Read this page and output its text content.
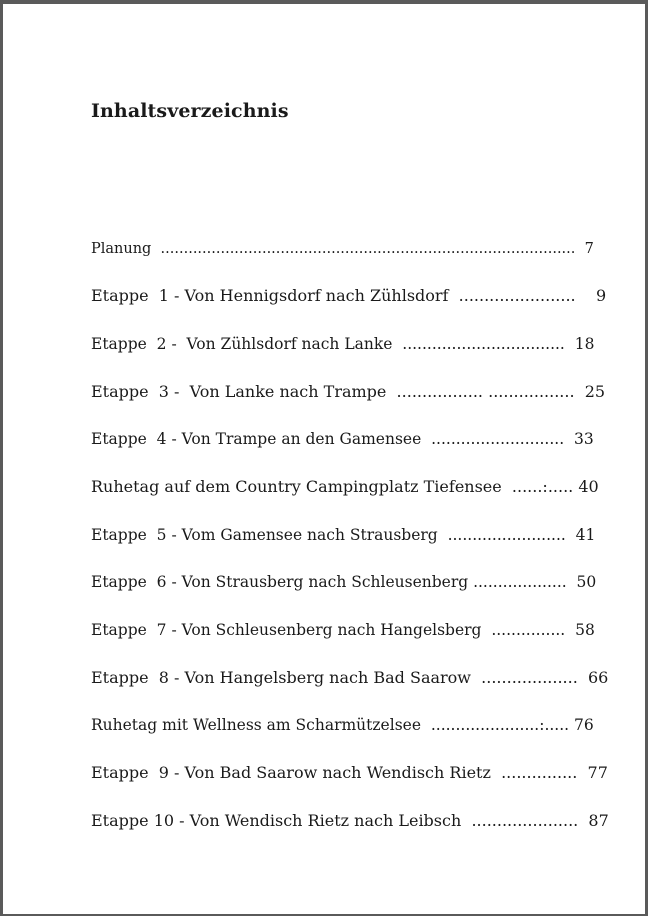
Inhaltsverzeichnis
Planung  ..........................................................................................  7
Etappe  1 - Von Hennigsdorf nach Zühlsdorf  .......................    9
Etappe  2 -  Von Zühlsdorf nach Lanke  .................................  18
Etappe  3 -  Von Lanke nach Trampe  ................. .................  25
Etappe  4 - Von Trampe an den Gamensee  ...........................  33
Ruhetag auf dem Country Campingplatz Tiefensee  ......:..... 40
Etappe  5 - Vom Gamensee nach Strausberg  ........................  41
Etappe  6 - Von Strausberg nach Schleusenberg ...................  50
Etappe  7 - Von Schleusenberg nach Hangelsberg  ...............  58
Etappe  8 - Von Hangelsberg nach Bad Saarow  ...................  66
Ruhetag mit Wellness am Scharmützelsee  ......................:..... 76
Etappe  9 - Von Bad Saarow nach Wendisch Rietz  ...............  77
Etappe 10 - Von Wendisch Rietz nach Leibsch  .....................  87
